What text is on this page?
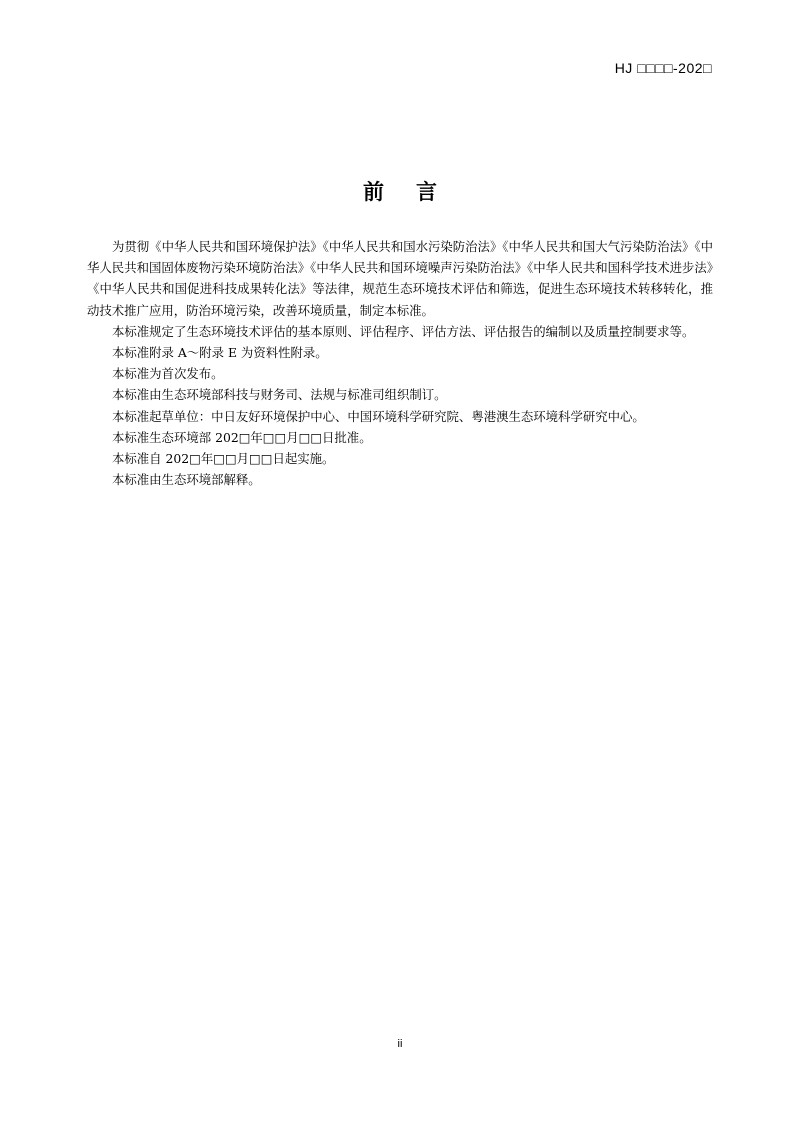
HJ □□□□-202□
前言

为贯彻《中华人民共和国环境保护法》《中华人民共和国水污染防治法》《中华人民共和国大气污染防治法》《中华人民共和国固体废物污染环境防治法》《中华人民共和国环境噪声污染防治法》《中华人民共和国科学技术进步法》《中华人民共和国促进科技成果转化法》等法律，规范生态环境技术评估和筛选，促进生态环境技术转移转化，推动技术推广应用，防治环境污染，改善环境质量，制定本标准。

本标准规定了生态环境技术评估的基本原则、评估程序、评估方法、评估报告的编制以及质量控制要求等。

本标准附录 A～附录 E 为资料性附录。

本标准为首次发布。

本标准由生态环境部科技与财务司、法规与标准司组织制订。

本标准起草单位：中日友好环境保护中心、中国环境科学研究院、粤港澳生态环境科学研究中心。

本标准生态环境部 202□年□□月□□日批准。

本标准自 202□年□□月□□日起实施。

本标准由生态环境部解释。

ii
